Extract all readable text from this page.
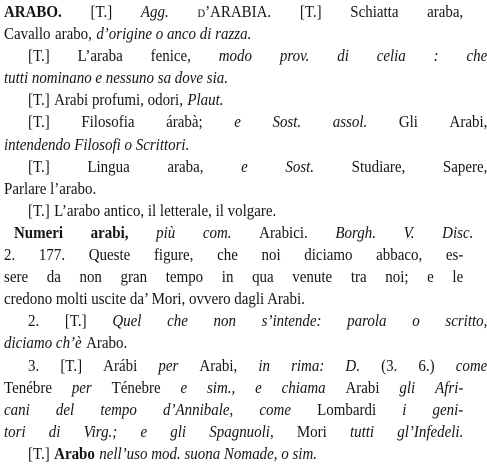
ARABO. [T.] Agg. d’ARABIA. [T.] Schiatta araba,
Cavallo arabo, d’origine o anco di razza.
[T.] L’araba fenice, modo prov. di celia : che
tutti nominano e nessuno sa dove sia.
[T.] Arabi profumi, odori, Plaut.
[T.] Filosofia árabà; e Sost. assol. Gli Arabi,
intendendo Filosofi o Scrittori.
[T.] Lingua araba, e Sost. Studiare, Sapere,
Parlare l’arabo.
[T.] L’arabo antico, il letterale, il volgare.
Numeri arabi, più com. Arabici. Borgh. V. Disc.
2. 177. Queste figure, che noi diciamo abbaco, es-
sere da non gran tempo in qua venute tra noi; e le
credono molti uscite da’ Mori, ovvero dagli Arabi.
2. [T.] Quel che non s’intende: parola o scritto,
diciamo ch’è Arabo.
3. [T.] Arábi per Arabi, in rima: D. (3. 6.) come
Tenébre per Ténebre e sim., e chiama Arabi gli Afri-
cani del tempo d’Annibale, come Lombardi i geni-
tori di Virg.; e gli Spagnuoli, Mori tutti gl’Infedeli.
[T.] Arabo nell’uso mod. suona Nomade, o sim.
